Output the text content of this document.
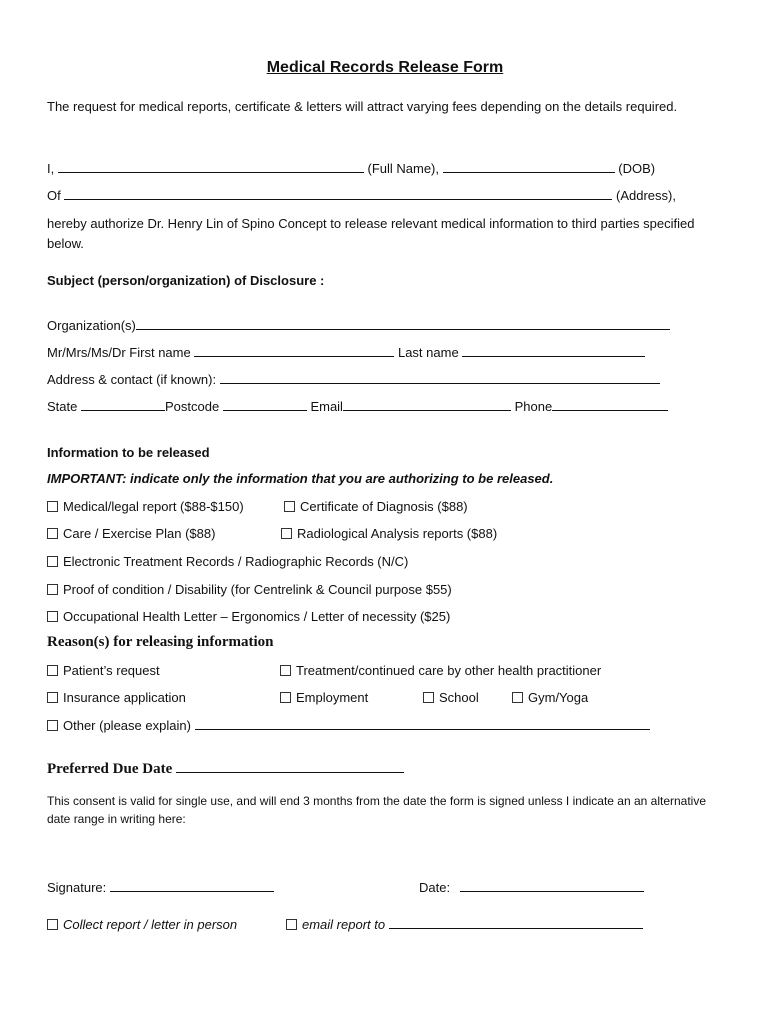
Medical Records Release Form
The request for medical reports, certificate & letters will attract varying fees depending on the details required.
I,	(Full Name),	(DOB)
Of	(Address),
hereby authorize Dr. Henry Lin of Spino Concept to release relevant medical information to third parties specified below.
Subject (person/organization) of Disclosure :
Organization(s)
Mr/Mrs/Ms/Dr First name	Last name
Address & contact (if known):
State	Postcode	Email	Phone
Information to be released
IMPORTANT: indicate only the information that you are authorizing to be released.
Medical/legal report ($88-$150)	Certificate of Diagnosis ($88)
Care / Exercise Plan ($88)	Radiological Analysis reports ($88)
Electronic Treatment Records / Radiographic Records (N/C)
Proof of condition / Disability (for Centrelink & Council purpose $55)
Occupational Health Letter – Ergonomics / Letter of necessity ($25)
Reason(s) for releasing information
Patient’s request	Treatment/continued care by other health practitioner
Insurance application	Employment	School	Gym/Yoga
Other (please explain)
Preferred Due Date
This consent is valid for single use, and will end 3 months from the date the form is signed unless I indicate an an alternative date range in writing here:
Signature:	Date:
Collect report / letter in person	email report to
